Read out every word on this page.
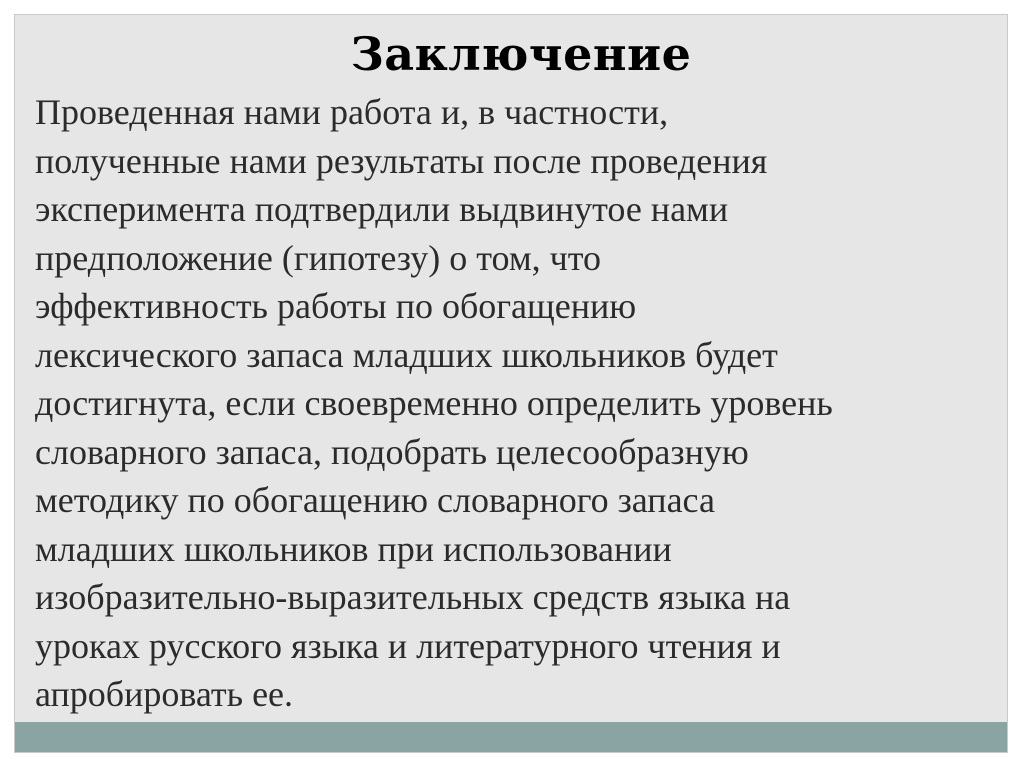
Заключение
Проведенная нами работа и, в частности,
полученные нами результаты после проведения
эксперимента подтвердили выдвинутое нами
предположение (гипотезу) о том, что
эффективность работы по обогащению
лексического запаса младших школьников будет
достигнута, если своевременно определить уровень
словарного запаса, подобрать целесообразную
методику по обогащению словарного запаса
младших школьников при использовании
изобразительно-выразительных средств языка на
уроках русского языка и литературного чтения и
апробировать ее.
